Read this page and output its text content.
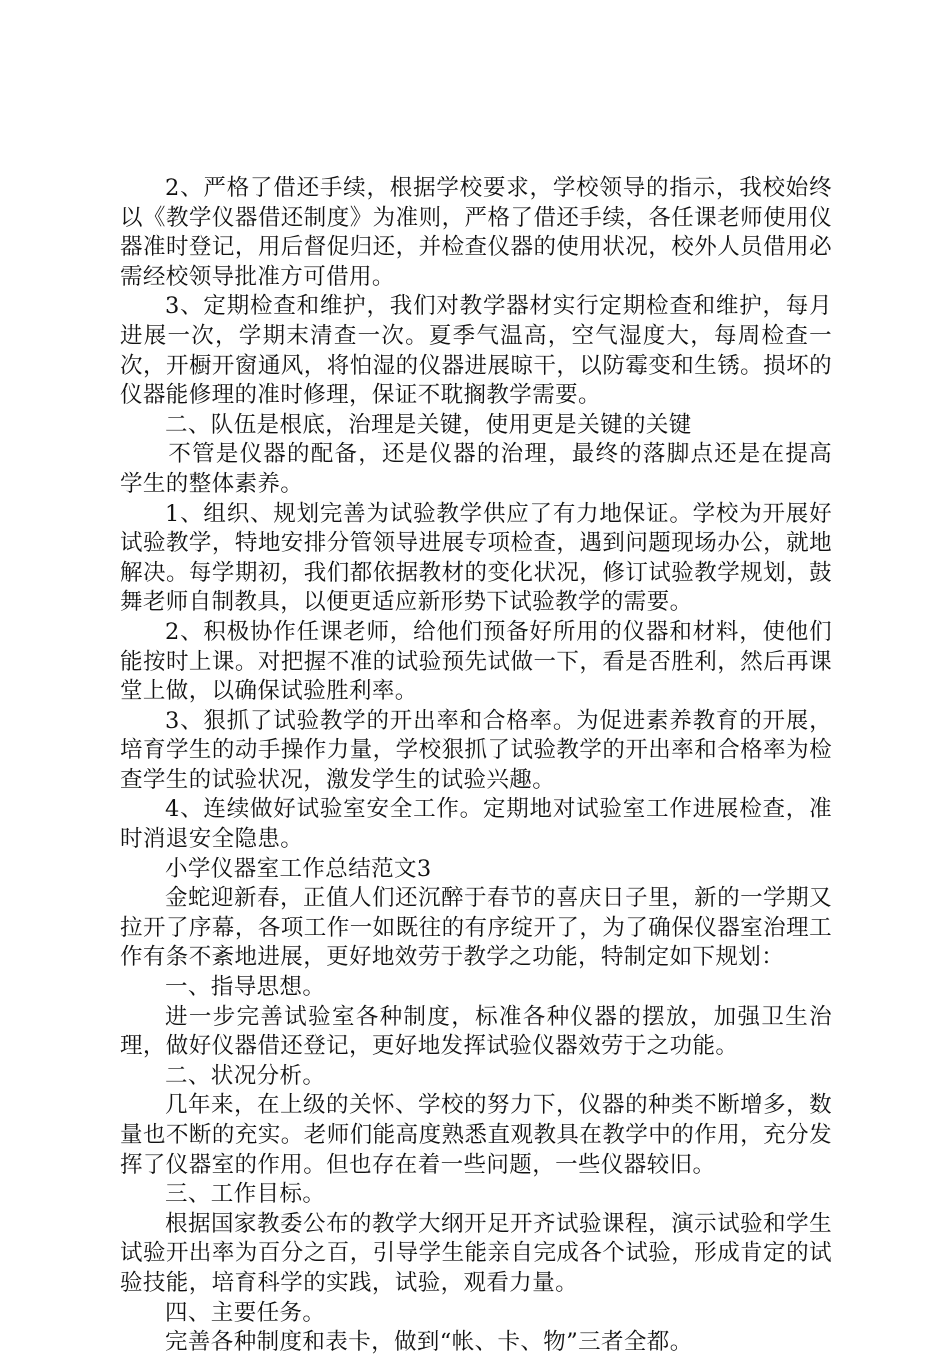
2、严格了借还手续，根据学校要求，学校领导的指示，我校始终以《教学仪器借还制度》为准则，严格了借还手续，各任课老师使用仪器准时登记，用后督促归还，并检查仪器的使用状况，校外人员借用必需经校领导批准方可借用。

3、定期检查和维护，我们对教学器材实行定期检查和维护，每月进展一次，学期末清查一次。夏季气温高，空气湿度大，每周检查一次，开橱开窗通风，将怕湿的仪器进展晾干，以防霉变和生锈。损坏的仪器能修理的准时修理，保证不耽搁教学需要。

二、队伍是根底，治理是关键，使用更是关键的关键

不管是仪器的配备，还是仪器的治理，最终的落脚点还是在提高学生的整体素养。

1、组织、规划完善为试验教学供应了有力地保证。学校为开展好试验教学，特地安排分管领导进展专项检查，遇到问题现场办公，就地解决。每学期初，我们都依据教材的变化状况，修订试验教学规划，鼓舞老师自制教具，以便更适应新形势下试验教学的需要。

2、积极协作任课老师，给他们预备好所用的仪器和材料，使他们能按时上课。对把握不准的试验预先试做一下，看是否胜利，然后再课堂上做，以确保试验胜利率。

3、狠抓了试验教学的开出率和合格率。为促进素养教育的开展，培育学生的动手操作力量，学校狠抓了试验教学的开出率和合格率为检查学生的试验状况，激发学生的试验兴趣。

4、连续做好试验室安全工作。定期地对试验室工作进展检查，准时消退安全隐患。

小学仪器室工作总结范文3

金蛇迎新春，正值人们还沉醉于春节的喜庆日子里，新的一学期又拉开了序幕，各项工作一如既往的有序绽开了，为了确保仪器室治理工作有条不紊地进展，更好地效劳于教学之功能，特制定如下规划：

一、指导思想。

进一步完善试验室各种制度，标准各种仪器的摆放，加强卫生治理，做好仪器借还登记，更好地发挥试验仪器效劳于之功能。

二、状况分析。

几年来，在上级的关怀、学校的努力下，仪器的种类不断增多，数量也不断的充实。老师们能高度熟悉直观教具在教学中的作用，充分发挥了仪器室的作用。但也存在着一些问题，一些仪器较旧。

三、工作目标。

根据国家教委公布的教学大纲开足开齐试验课程，演示试验和学生试验开出率为百分之百，引导学生能亲自完成各个试验，形成肯定的试验技能，培育科学的实践，试验，观看力量。

四、主要任务。

完善各种制度和表卡，做到“帐、卡、物”三者全都。
